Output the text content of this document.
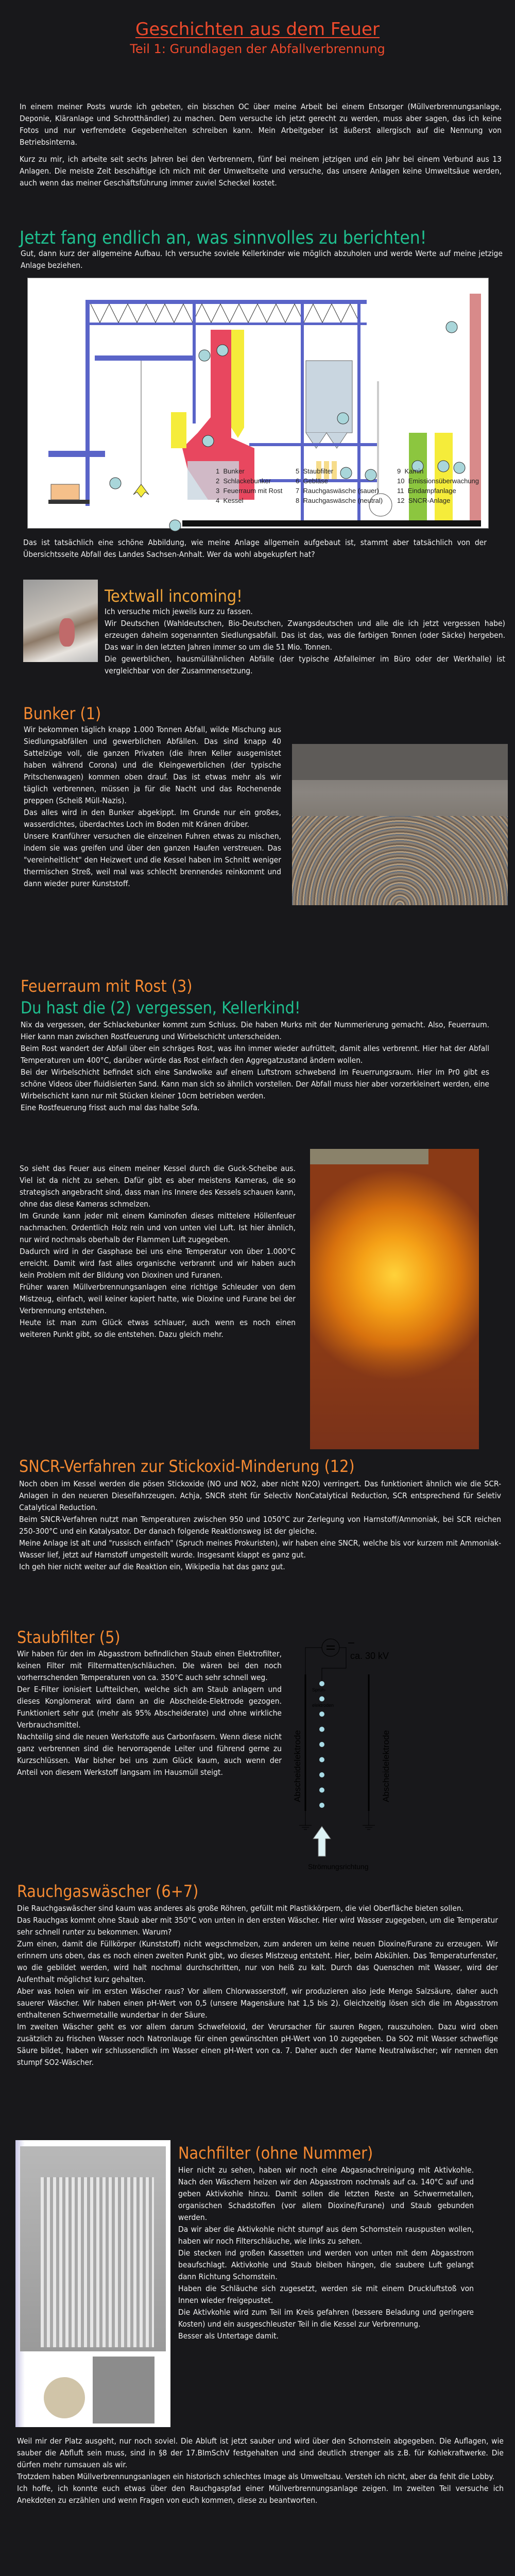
Geschichten aus dem Feuer
Teil 1: Grundlagen der Abfallverbrennung

In einem meiner Posts wurde ich gebeten, ein bisschen OC über meine Arbeit bei einem Entsorger (Müllverbrennungsanlage, Deponie, Kläranlage und Schrotthändler) zu machen. Dem versuche ich jetzt gerecht zu werden, muss aber sagen, das ich keine Fotos und nur verfremdete Gegebenheiten schreiben kann. Mein Arbeitgeber ist äußerst allergisch auf die Nennung von Betriebsinterna.

Kurz zu mir, ich arbeite seit sechs Jahren bei den Verbrennern, fünf bei meinem jetzigen und ein Jahr bei einem Verbund aus 13 Anlagen. Die meiste Zeit beschäftige ich mich mit der Umweltseite und versuche, das unsere Anlagen keine Umweltsäue werden, auch wenn das meiner Geschäftsführung immer zuviel Scheckel kostet.

Jetzt fang endlich an, was sinnvolles zu berichten!

Gut, dann kurz der allgemeine Aufbau. Ich versuche soviele Kellerkinder wie möglich abzuholen und werde Werte auf meine jetzige Anlage beziehen.

1 Bunker
2 Schlackebunker
3 Feuerraum mit Rost
4 Kessel
5 Staubfilter
6 Gebläse
7 Rauchgaswäsche (sauer)
8 Rauchgaswäsche (neutral)
9 Kamin
10 Emissionsüberwachung
11 Eindampfanlage
12 SNCR-Anlage

Das ist tatsächlich eine schöne Abbildung, wie meine Anlage allgemein aufgebaut ist, stammt aber tatsächlich von der Übersichtsseite Abfall des Landes Sachsen-Anhalt. Wer da wohl abgekupfert hat?

Textwall incoming!

Ich versuche mich jeweils kurz zu fassen.

Wir Deutschen (Wahldeutschen, Bio-Deutschen, Zwangsdeutschen und alle die ich jetzt vergessen habe) erzeugen daheim sogenannten Siedlungsabfall. Das ist das, was die farbigen Tonnen (oder Säcke) hergeben. Das war in den letzten Jahren immer so um die 51 Mio. Tonnen.

Die gewerblichen, hausmüllähnlichen Abfälle (der typische Abfalleimer im Büro oder der Werkhalle) ist vergleichbar von der Zusammensetzung.

Bunker (1)

Wir bekommen täglich knapp 1.000 Tonnen Abfall, wilde Mischung aus Siedlungsabfällen und gewerblichen Abfällen. Das sind knapp 40 Sattelzüge voll, die ganzen Privaten (die ihren Keller ausgemistet haben während Corona) und die Kleingewerblichen (der typische Pritschenwagen) kommen oben drauf. Das ist etwas mehr als wir täglich verbrennen, müssen ja für die Nacht und das Rochenende preppen (Scheiß Müll-Nazis).

Das alles wird in den Bunker abgekippt. Im Grunde nur ein großes, wasserdichtes, überdachtes Loch im Boden mit Kränen drüber.

Unsere Kranführer versuchen die einzelnen Fuhren etwas zu mischen, indem sie was greifen und über den ganzen Haufen verstreuen. Das "vereinheitlicht" den Heizwert und die Kessel haben im Schnitt weniger thermischen Streß, weil mal was schlecht brennendes reinkommt und dann wieder purer Kunststoff.

Feuerraum mit Rost (3)
Du hast die (2) vergessen, Kellerkind!

Nix da vergessen, der Schlackebunker kommt zum Schluss. Die haben Murks mit der Nummerierung gemacht. Also, Feuerraum. Hier kann man zwischen Rostfeuerung und Wirbelschicht unterscheiden.

Beim Rost wandert der Abfall über ein schräges Rost, was ihn immer wieder aufrüttelt, damit alles verbrennt. Hier hat der Abfall Temperaturen um 400°C, darüber würde das Rost einfach den Aggregatzustand ändern wollen.

Bei der Wirbelschicht befindet sich eine Sandwolke auf einem Luftstrom schwebend im Feuerrungsraum. Hier im Pr0 gibt es schöne Videos über fluidisierten Sand. Kann man sich so ähnlich vorstellen. Der Abfall muss hier aber vorzerkleinert werden, eine Wirbelschicht kann nur mit Stücken kleiner 10cm betrieben werden.

Eine Rostfeuerung frisst auch mal das halbe Sofa.

So sieht das Feuer aus einem meiner Kessel durch die Guck-Scheibe aus. Viel ist da nicht zu sehen. Dafür gibt es aber meistens Kameras, die so strategisch angebracht sind, dass man ins Innere des Kessels schauen kann, ohne das diese Kameras schmelzen.

Im Grunde kann jeder mit einem Kaminofen dieses mittelere Höllenfeuer nachmachen. Ordentlich Holz rein und von unten viel Luft. Ist hier ähnlich, nur wird nochmals oberhalb der Flammen Luft zugegeben.

Dadurch wird in der Gasphase bei uns eine Temperatur von über 1.000°C erreicht. Damit wird fast alles organische verbrannt und wir haben auch kein Problem mit der Bildung von Dioxinen und Furanen.

Früher waren Müllverbrennungsanlagen eine richtige Schleuder von dem Mistzeug, einfach, weil keiner kapiert hatte, wie Dioxine und Furane bei der Verbrennung entstehen.

Heute ist man zum Glück etwas schlauer, auch wenn es noch einen weiteren Punkt gibt, so die entstehen. Dazu gleich mehr.

SNCR-Verfahren zur Stickoxid-Minderung (12)

Noch oben im Kessel werden die pösen Stickoxide (NO und NO2, aber nicht N2O) verringert. Das funktioniert ähnlich wie die SCR-Anlagen in den neueren Dieselfahrzeugen. Achja, SNCR steht für Selectiv NonCatalytical Reduction, SCR entsprechend für Seletiv Catalytical Reduction.

Beim SNCR-Verfahren nutzt man Temperaturen zwischen 950 und 1050°C zur Zerlegung von Harnstoff/Ammoniak, bei SCR reichen 250-300°C und ein Katalysator. Der danach folgende Reaktionsweg ist der gleiche.

Meine Anlage ist alt und "russisch einfach" (Spruch meines Prokuristen), wir haben eine SNCR, welche bis vor kurzem mit Ammoniak-Wasser lief, jetzt auf Harnstoff umgestellt wurde. Insgesamt klappt es ganz gut.

Ich geh hier nicht weiter auf die Reaktion ein, Wikipedia hat das ganz gut.

Staubfilter (5)

Wir haben für den im Abgasstrom befindlichen Staub einen Elektrofilter, keinen Filter mit Filtermatten/schläuchen. DIe wären bei den noch vorherrschenden Temperaturen von ca. 350°C auch sehr schnell weg.

Der E-Filter ionisiert Luftteilchen, welche sich am Staub anlagern und dieses Konglomerat wird dann an die Abscheide-Elektrode gezogen. Funktioniert sehr gut (mehr als 95% Abscheiderate) und ohne wirkliche Verbrauchsmittel.

Nachteilig sind die neuen Werkstoffe aus Carbonfasern. Wenn diese nicht ganz verbrennen sind die hervorragende Leiter und führend gerne zu Kurzschlüssen. War bisher bei uns zum Glück kaum, auch wenn der Anteil von diesem Werkstoff langsam im Hausmüll steigt.

ca. 30 kV
Sprüh-
elektroden
Abscheidelektrode	Abscheidelektrode
Strömungsrichtung
Rauchgaswäscher (6+7)

Die Rauchgaswäscher sind kaum was anderes als große Röhren, gefüllt mit Plastikkörpern, die viel Oberfläche bieten sollen.

Das Rauchgas kommt ohne Staub aber mit 350°C von unten in den ersten Wäscher. Hier wird Wasser zugegeben, um die Temperatur sehr schnell runter zu bekommen. Warum?

Zum einen, damit die Füllkörper (Kunststoff) nicht wegschmelzen, zum anderen um keine neuen Dioxine/Furane zu erzeugen. Wir erinnern uns oben, das es noch einen zweiten Punkt gibt, wo dieses Mistzeug entsteht. Hier, beim Abkühlen. Das Temperaturfenster, wo die gebildet werden, wird halt nochmal durchschritten, nur von heiß zu kalt. Durch das Quenschen mit Wasser, wird der Aufenthalt möglichst kurz gehalten.

Aber was holen wir im ersten Wäscher raus? Vor allem Chlorwasserstoff, wir produzieren also jede Menge Salzsäure, daher auch sauerer Wäscher. Wir haben einen pH-Wert von 0,5 (unsere Magensäure hat 1,5 bis 2). Gleichzeitig lösen sich die im Abgasstrom enthaltenen Schwermetallle wunderbar in der Säure.

Im zweiten Wäscher geht es vor allem darum Schwefeloxid, der Verursacher für sauren Regen, rauszuholen. Dazu wird oben zusätzlich zu frischen Wasser noch Natronlauge für einen gewünschten pH-Wert von 10 zugegeben. Da SO2 mit Wasser schweflige Säure bildet, haben wir schlussendlich im Wasser einen pH-Wert von ca. 7. Daher auch der Name Neutralwäscher; wir nennen den stumpf SO2-Wäscher.

Nachfilter (ohne Nummer)

Hier nicht zu sehen, haben wir noch eine Abgasnachreinigung mit Aktivkohle. Nach den Wäschern heizen wir den Abgasstrom nochmals auf ca. 140°C auf und geben Aktivkohle hinzu. Damit sollen die letzten Reste an Schwermetallen, organischen Schadstoffen (vor allem Dioxine/Furane) und Staub gebunden werden.

Da wir aber die Aktivkohle nicht stumpf aus dem Schornstein rauspusten wollen, haben wir noch Filterschläuche, wie links zu sehen.

Die stecken ind großen Kassetten und werden von unten mit dem Abgasstrom beaufschlagt. Aktivkohle und Staub bleiben hängen, die saubere Luft gelangt dann Richtung Schornstein.

Haben die Schläuche sich zugesetzt, werden sie mit einem Druckluftstoß von Innen wieder freigepustet.

Die Aktivkohle wird zum Teil im Kreis gefahren (bessere Beladung und geringere Kosten) und ein ausgeschleuster Teil in die Kessel zur Verbrennung.

Besser als Untertage damit.

Weil mir der Platz ausgeht, nur noch soviel. Die Abluft ist jetzt sauber und wird über den Schornstein abgegeben. Die Auflagen, wie sauber die Abfluft sein muss, sind in §8 der 17.BImSchV festgehalten und sind deutlich strenger als z.B. für Kohlekraftwerke. Die dürfen mehr rumsauen als wir.

Trotzdem haben Müllverbrennungsanlagen ein historisch schlechtes Image als Umweltsau. Versteh ich nicht, aber da fehlt die Lobby.

Ich hoffe, ich konnte euch etwas über den Rauchgaspfad einer Müllverbrennungsanlage zeigen. Im zweiten Teil versuche ich Anekdoten zu erzählen und wenn Fragen von euch kommen, diese zu beantworten.
